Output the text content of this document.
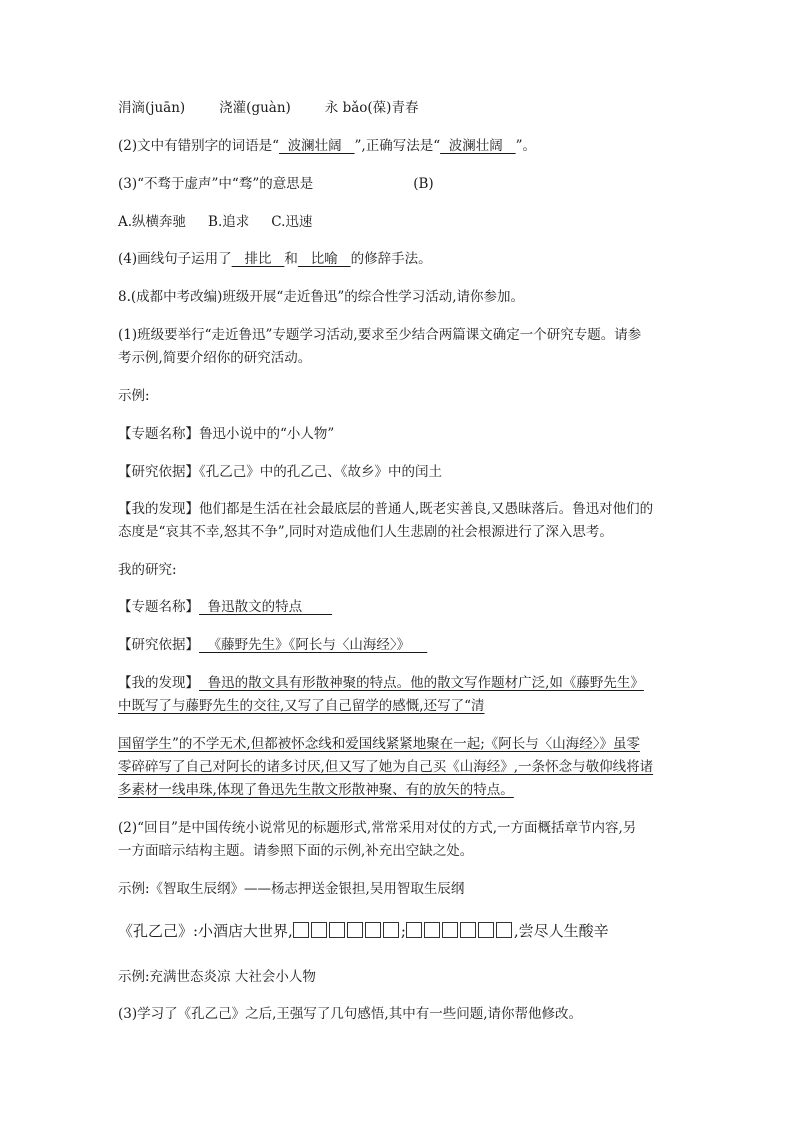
涓滴(juān)	浇灌(guàn)	永 bǎo(葆)青春
(2)文中有错别字的词语是“  波澜壮阔   ”,正确写法是“  波澜壮阔   ”。
(3)“不骛于虚声”中“骛”的意思是	(B)
A.纵横奔驰 B.追求 C.迅速
(4)画线句子运用了   排比   和   比喻   的修辞手法。
8.(成都中考改编)班级开展“走近鲁迅”的综合性学习活动,请你参加。
(1)班级要举行“走近鲁迅”专题学习活动,要求至少结合两篇课文确定一个研究专题。请参
考示例,简要介绍你的研究活动。
示例:
【专题名称】鲁迅小说中的“小人物”
【研究依据】《孔乙己》中的孔乙己、《故乡》中的闰土
【我的发现】他们都是生活在社会最底层的普通人,既老实善良,又愚昧落后。鲁迅对他们的
态度是“哀其不幸,怒其不争”,同时对造成他们人生悲剧的社会根源进行了深入思考。
我的研究:
【专题名称】  鲁迅散文的特点
【研究依据】  《藤野先生》《阿长与〈山海经〉》
【我的发现】  鲁迅的散文具有形散神聚的特点。他的散文写作题材广泛,如《藤野先生》
中既写了与藤野先生的交往,又写了自己留学的感慨,还写了“清
国留学生”的不学无术,但都被怀念线和爱国线紧紧地聚在一起;《阿长与〈山海经〉》虽零
零碎碎写了自己对阿长的诸多讨厌,但又写了她为自己买《山海经》,一条怀念与敬仰线将诸
多素材一线串珠,体现了鲁迅先生散文形散神聚、有的放矢的特点。
(2)“回目”是中国传统小说常见的标题形式,常常采用对仗的方式,一方面概括章节内容,另
一方面暗示结构主题。请参照下面的示例,补充出空缺之处。
示例:《智取生辰纲》——杨志押送金银担,吴用智取生辰纲
《孔乙己》:小酒店大世界,	;	,尝尽人生酸辛
示例:充满世态炎凉 大社会小人物
(3)学习了《孔乙己》之后,王强写了几句感悟,其中有一些问题,请你帮他修改。
